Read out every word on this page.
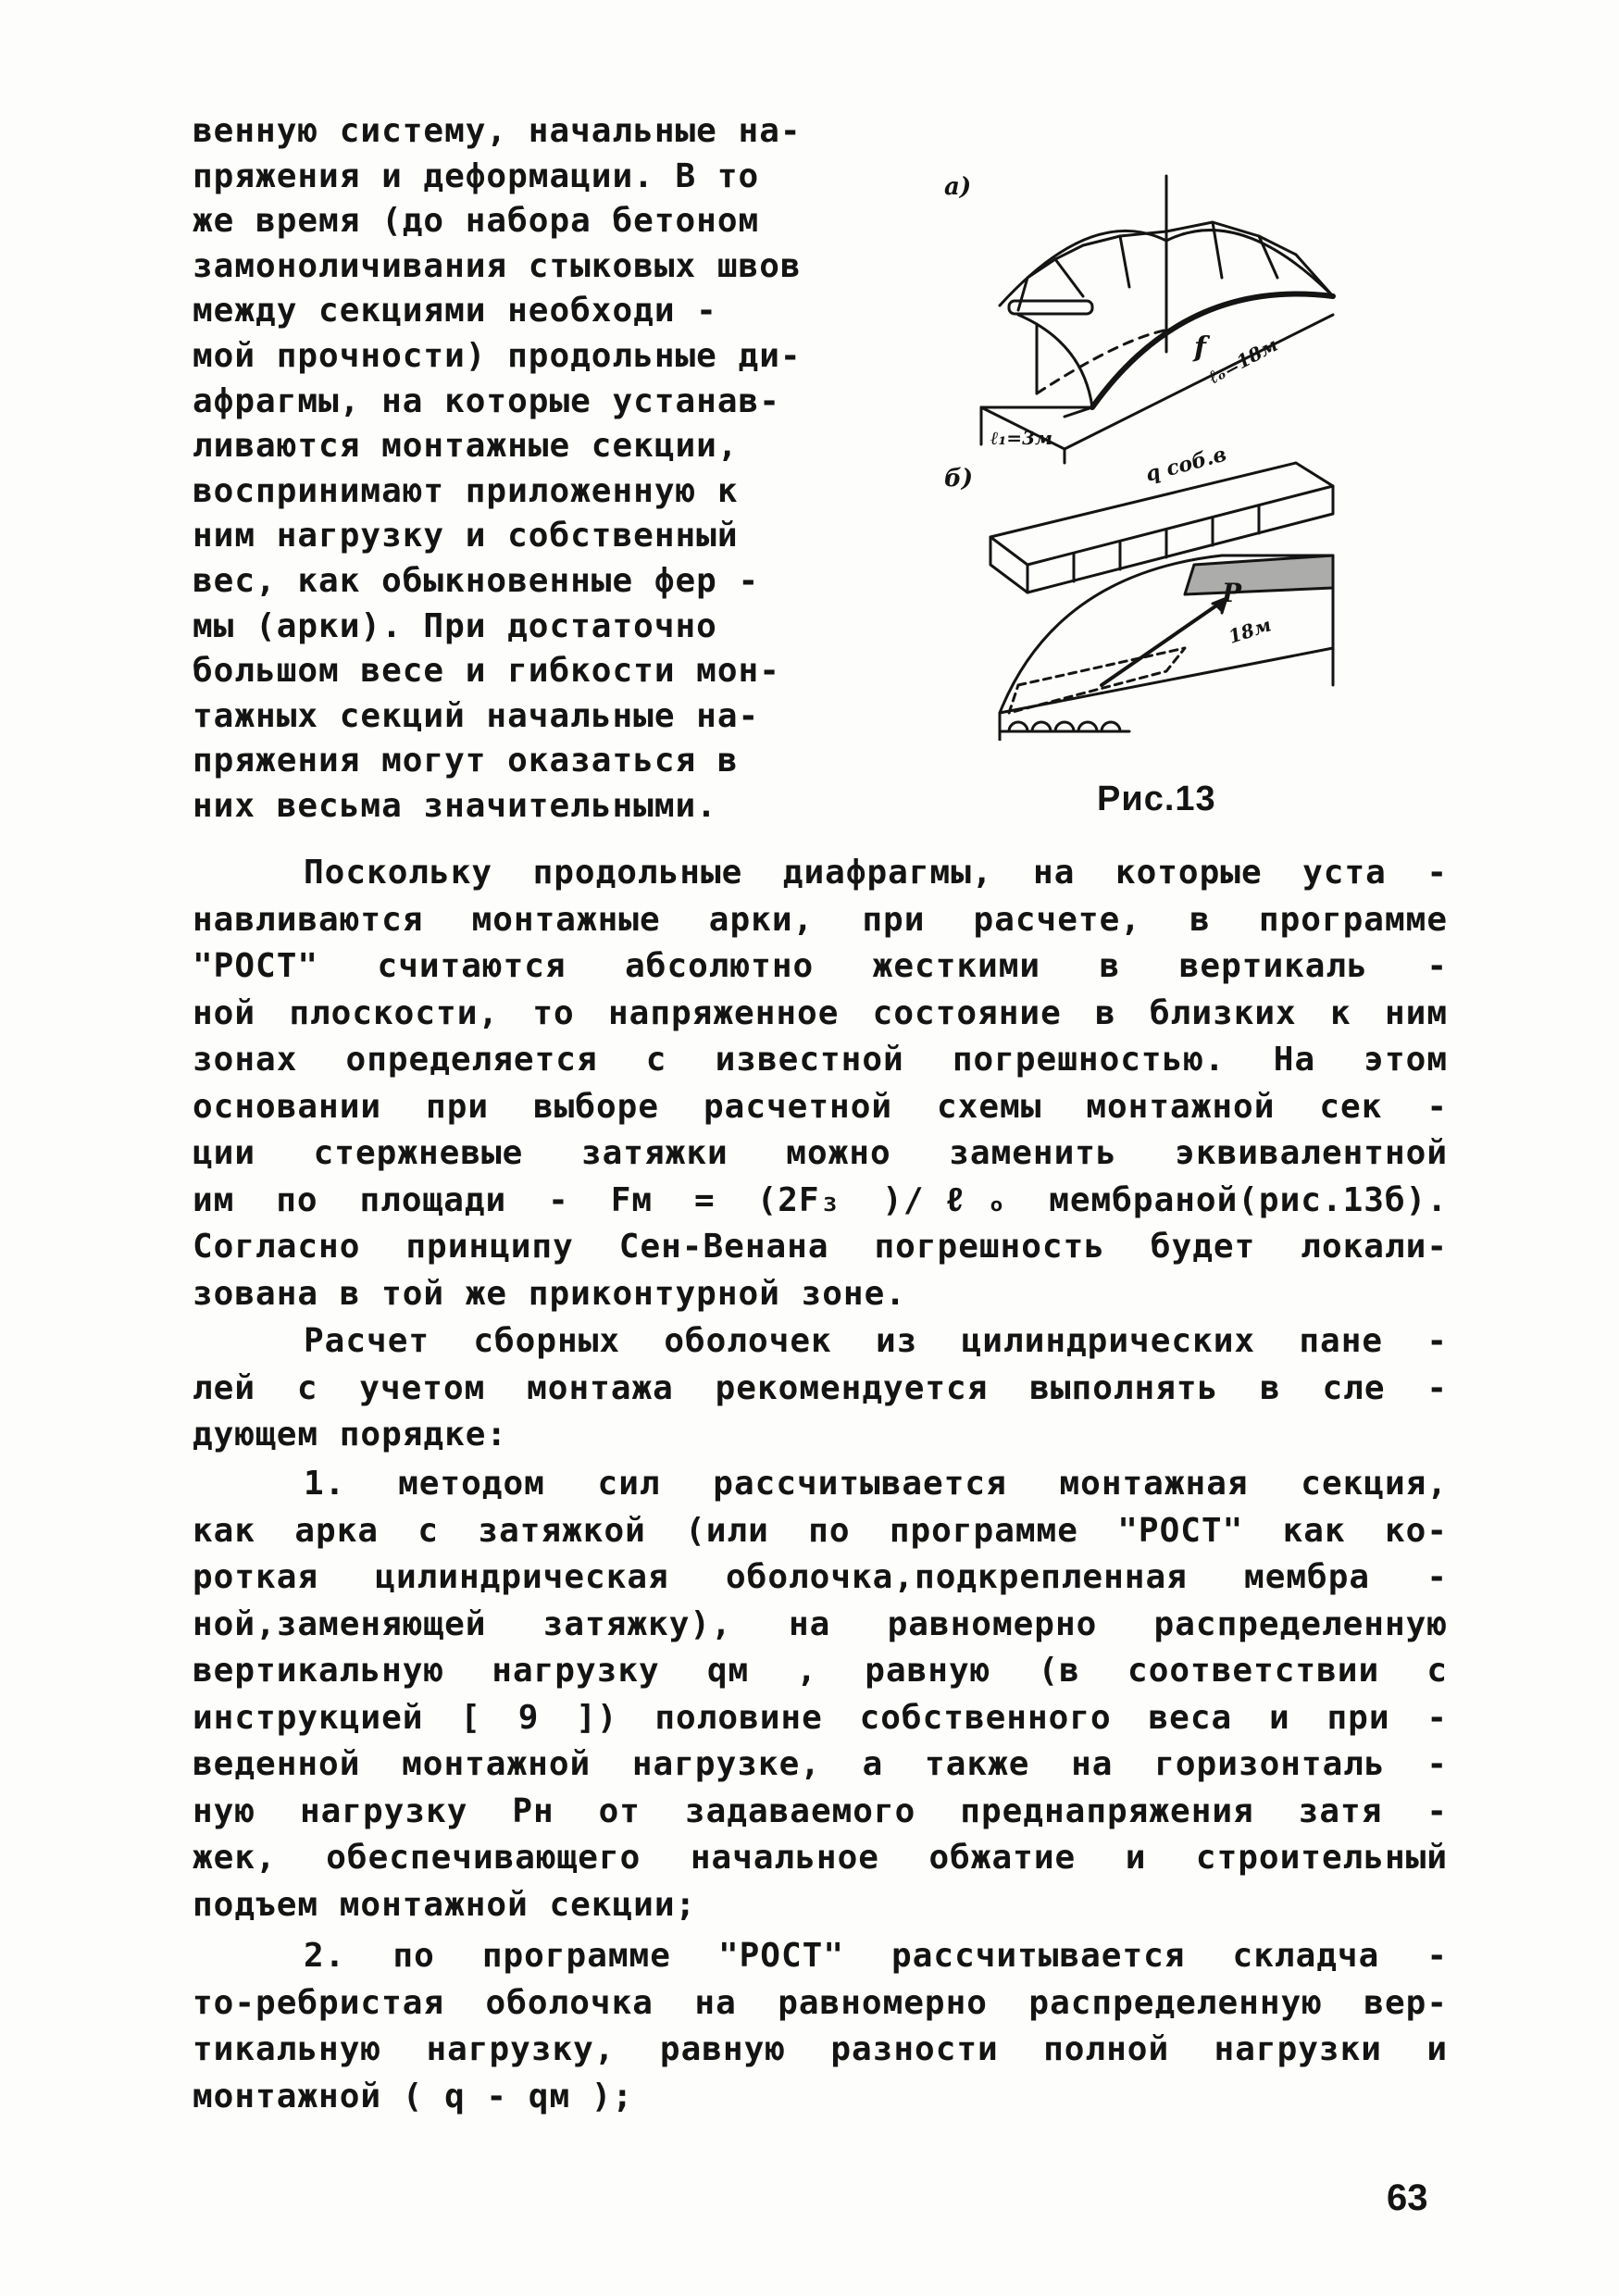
венную систему, начальные на-
пряжения и деформации. В то
же время (до набора бетоном
замоноличивания стыковых швов
между секциями необходи -
мой прочности) продольные ди-
афрагмы, на которые устанав-
ливаются монтажные секции,
воспринимают приложенную к
ним нагрузку и собственный
вес, как обыкновенные фер -
мы (арки). При достаточно
большом весе и гибкости мон-
тажных секций начальные на-
пряжения могут оказаться в
них весьма значительными.
а)
б)
f
ℓₒ=18м
ℓ₁=3м
q соб.в
P
18м
Рис.13
Поскольку продольные диафрагмы, на которые уста -
навливаются монтажные арки, при расчете, в программе
"РОСТ" считаются абсолютно жесткими в вертикаль -
ной плоскости, то напряженное состояние в близких к ним
зонах определяется с известной погрешностью. На этом
основании при выборе расчетной схемы монтажной сек -
ции стержневые затяжки можно заменить эквивалентной
им по площади - Fм = (2F₃ )/ℓₒ мембраной(рис.13б).
Согласно принципу Сен-Венана погрешность будет локали-
зована в той же приконтурной зоне.
Расчет сборных оболочек из цилиндрических пане -
лей с учетом монтажа рекомендуется выполнять в сле -
дующем порядке:
1. методом сил рассчитывается монтажная секция,
как арка с затяжкой (или по программе "РОСТ" как ко-
роткая цилиндрическая оболочка,подкрепленная мембра -
ной,заменяющей затяжку), на равномерно распределенную
вертикальную нагрузку qм , равную (в соответствии с
инструкцией [ 9 ]) половине собственного веса и при -
веденной монтажной нагрузке, а также на горизонталь -
ную нагрузку Pн от задаваемого преднапряжения затя -
жек, обеспечивающего начальное обжатие и строительный
подъем монтажной секции;
2. по программе "РОСТ" рассчитывается складча -
то-ребристая оболочка на равномерно распределенную вер-
тикальную нагрузку, равную разности полной нагрузки и
монтажной ( q - qм );
63
